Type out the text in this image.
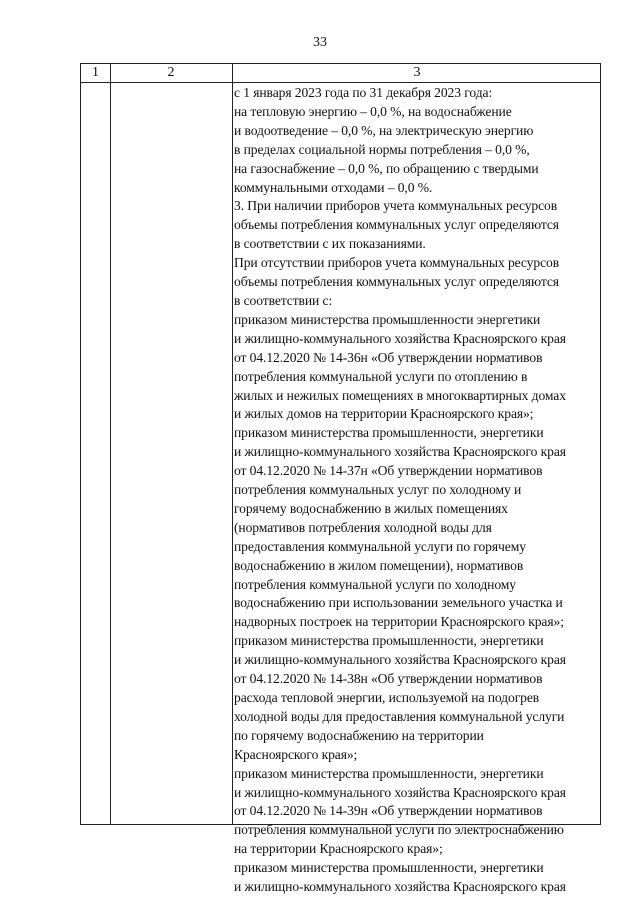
33
1	2	3
с 1 января 2023 года по 31 декабря 2023 года:
на тепловую энергию – 0,0 %, на водоснабжение
и водоотведение – 0,0 %, на электрическую энергию
в пределах социальной нормы потребления – 0,0 %,
на газоснабжение – 0,0 %, по обращению с твердыми
коммунальными отходами – 0,0 %.
3. При наличии приборов учета коммунальных ресурсов
объемы потребления коммунальных услуг определяются
в соответствии с их показаниями.
При отсутствии приборов учета коммунальных ресурсов
объемы потребления коммунальных услуг определяются
в соответствии с:
приказом министерства промышленности энергетики
и жилищно-коммунального хозяйства Красноярского края
от 04.12.2020 № 14-36н «Об утверждении нормативов
потребления коммунальной услуги по отоплению в
жилых и нежилых помещениях в многоквартирных домах
и жилых домов на территории Красноярского края»;
приказом министерства промышленности, энергетики
и жилищно-коммунального хозяйства Красноярского края
от 04.12.2020 № 14-37н «Об утверждении нормативов
потребления коммунальных услуг по холодному и
горячему водоснабжению в жилых помещениях
(нормативов потребления холодной воды для
предоставления коммунальной услуги по горячему
водоснабжению в жилом помещении), нормативов
потребления коммунальной услуги по холодному
водоснабжению при использовании земельного участка и
надворных построек на территории Красноярского края»;
приказом министерства промышленности, энергетики
и жилищно-коммунального хозяйства Красноярского края
от 04.12.2020 № 14-38н «Об утверждении нормативов
расхода тепловой энергии, используемой на подогрев
холодной воды для предоставления коммунальной услуги
по горячему водоснабжению на территории
Красноярского края»;
приказом министерства промышленности, энергетики
и жилищно-коммунального хозяйства Красноярского края
от 04.12.2020 № 14-39н «Об утверждении нормативов
потребления коммунальной услуги по электроснабжению
на территории Красноярского края»;
приказом министерства промышленности, энергетики
и жилищно-коммунального хозяйства Красноярского края
